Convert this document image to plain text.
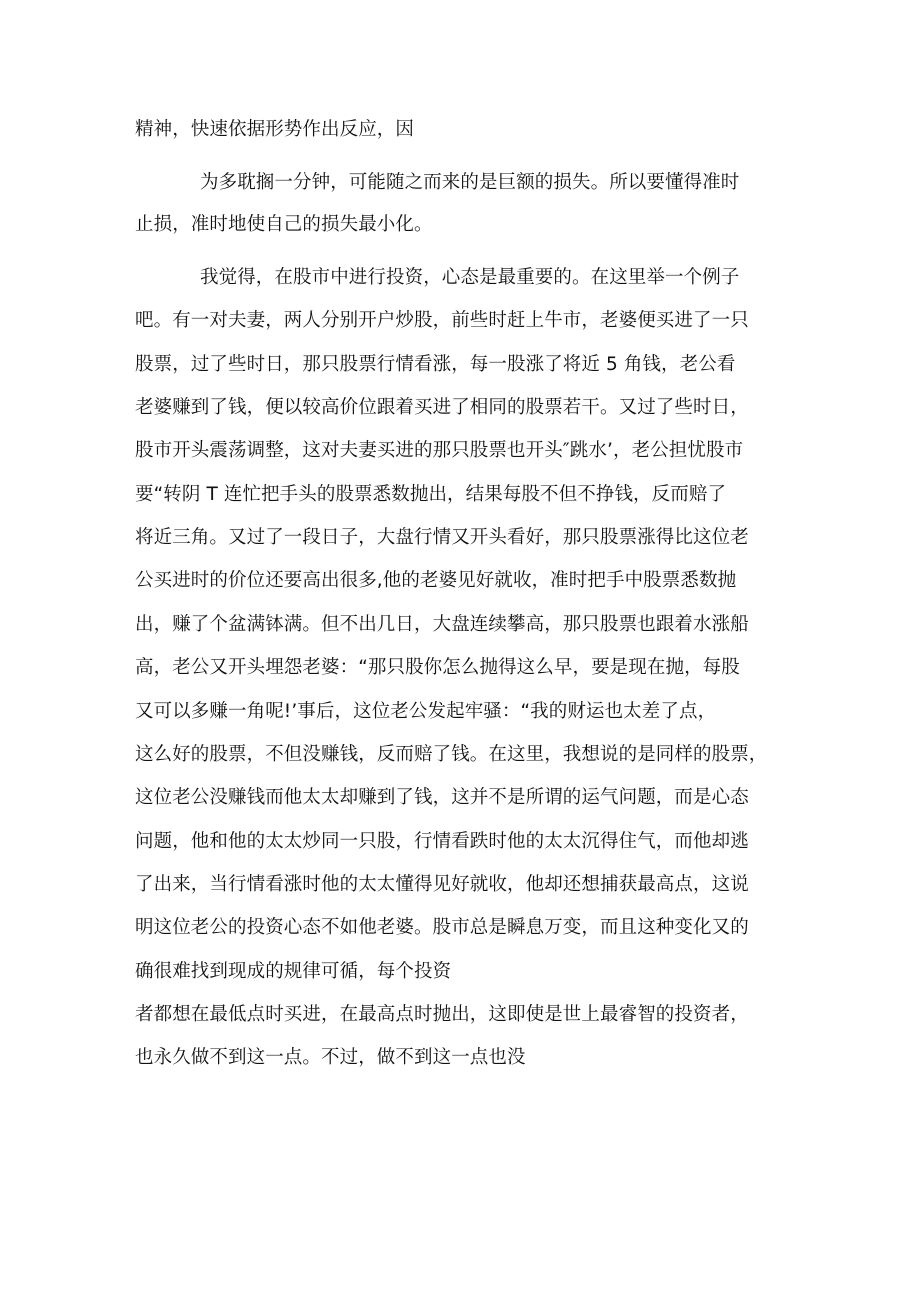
精神，快速依据形势作出反应，因
为多耽搁一分钟，可能随之而来的是巨额的损失。所以要懂得准时
止损，准时地使自己的损失最小化。
我觉得，在股市中进行投资，心态是最重要的。在这里举一个例子
吧。有一对夫妻，两人分别开户炒股，前些时赶上牛市，老婆便买进了一只
股票，过了些时日，那只股票行情看涨，每一股涨了将近 5 角钱，老公看
老婆赚到了钱，便以较高价位跟着买进了相同的股票若干。又过了些时日，
股市开头震荡调整，这对夫妻买进的那只股票也开头″跳水’，老公担忧股市
要“转阴 T 连忙把手头的股票悉数抛出，结果每股不但不挣钱，反而赔了
将近三角。又过了一段日子，大盘行情又开头看好，那只股票涨得比这位老
公买进时的价位还要高出很多,他的老婆见好就收，准时把手中股票悉数抛
出，赚了个盆满钵满。但不出几日，大盘连续攀高，那只股票也跟着水涨船
高，老公又开头埋怨老婆：“那只股你怎么抛得这么早，要是现在抛，每股
又可以多赚一角呢!’事后，这位老公发起牢骚：“我的财运也太差了点，
这么好的股票，不但没赚钱，反而赔了钱。在这里，我想说的是同样的股票，
这位老公没赚钱而他太太却赚到了钱，这并不是所谓的运气问题，而是心态
问题，他和他的太太炒同一只股，行情看跌时他的太太沉得住气，而他却逃
了出来，当行情看涨时他的太太懂得见好就收，他却还想捕获最高点，这说
明这位老公的投资心态不如他老婆。股市总是瞬息万变，而且这种变化又的
确很难找到现成的规律可循，每个投资
者都想在最低点时买进，在最高点时抛出，这即使是世上最睿智的投资者，
也永久做不到这一点。不过，做不到这一点也没
